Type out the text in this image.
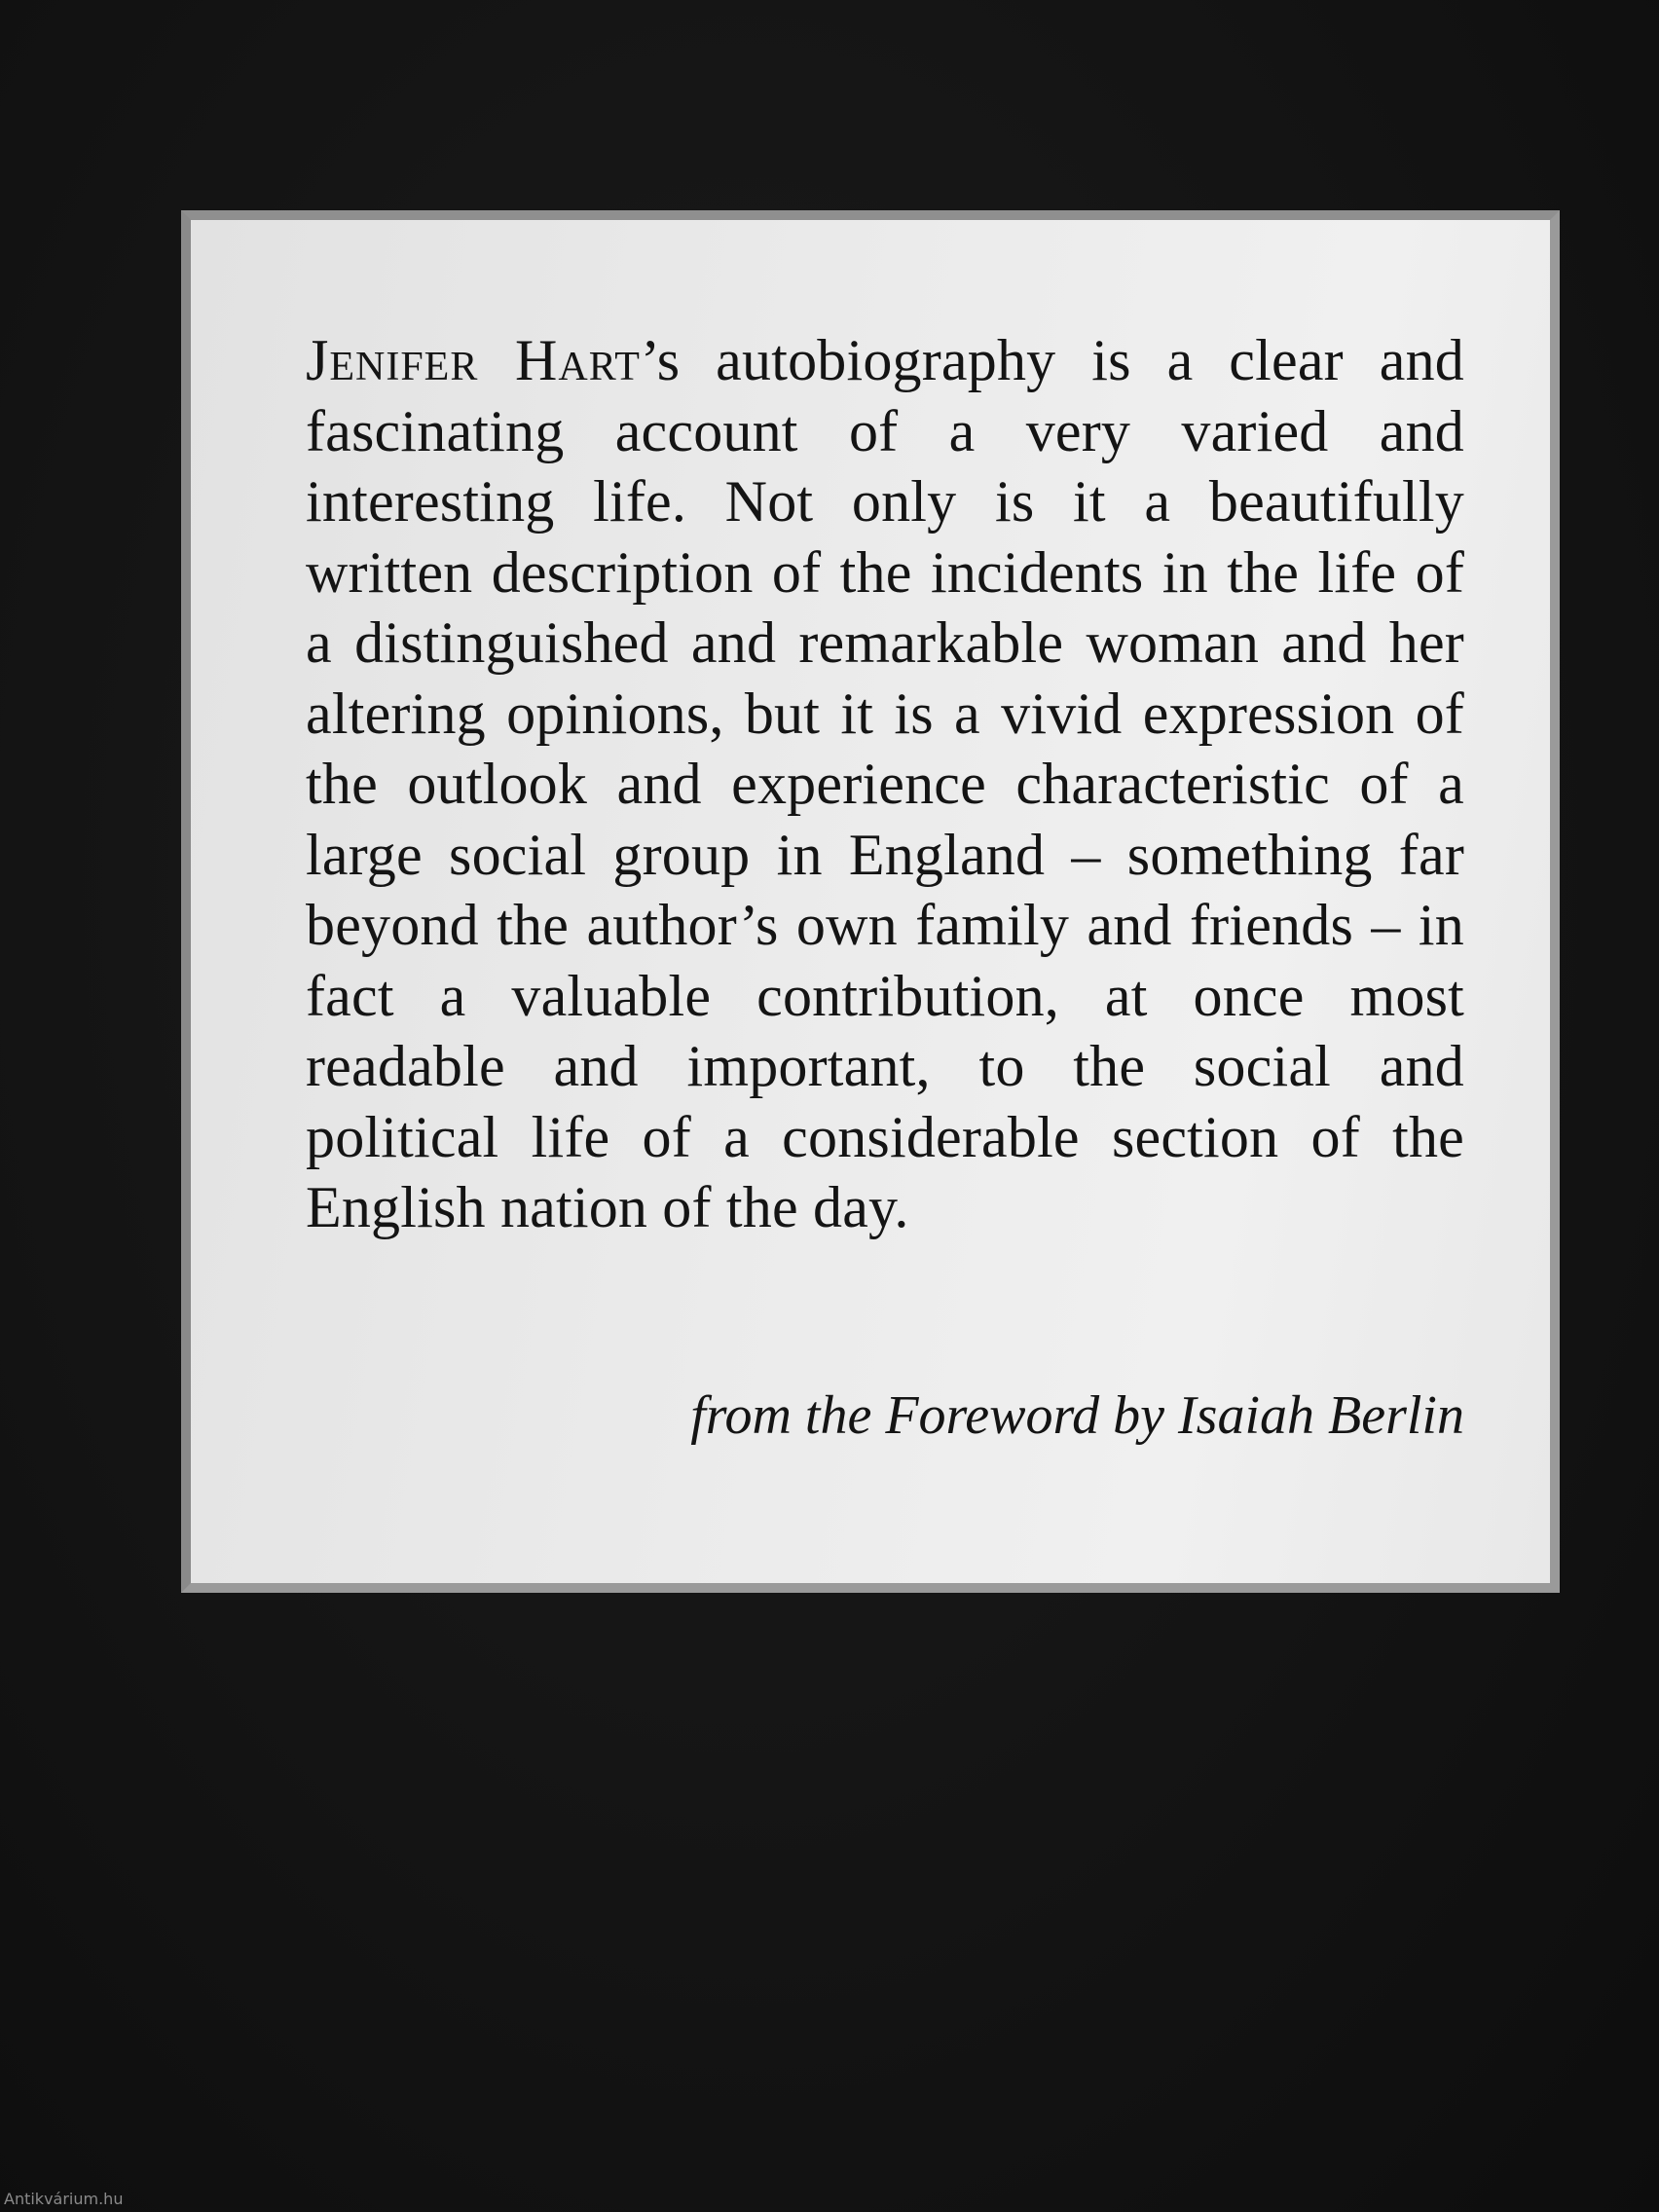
Jenifer Hart’s autobiography is a clear and fascinating account of a very varied and interesting life. Not only is it a beautifully written description of the incidents in the life of a distinguished and remarkable woman and her altering opinions, but it is a vivid expression of the outlook and experience characteristic of a large social group in England – something far beyond the author’s own family and friends – in fact a valuable contribution, at once most readable and important, to the social and political life of a considerable section of the English nation of the day.

from the Foreword by Isaiah Berlin

Antikvárium.hu
